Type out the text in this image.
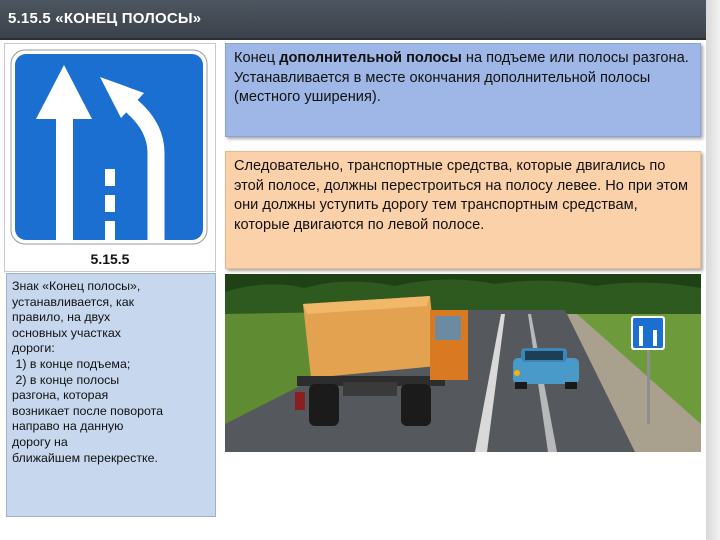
5.15.5 «КОНЕЦ ПОЛОСЫ»
5.15.5
Конец дополнительной полосы на подъеме или полосы разгона.
Устанавливается в месте окончания дополнительной полосы (местного уширения).
Следовательно, транспортные средства, которые двигались по этой полосе, должны перестроиться на полосу левее. Но при этом они должны уступить дорогу тем транспортным средствам, которые двигаются по левой полосе.
Знак «Конец полосы»,
устанавливается, как
правило, на двух
основных участках
дороги:
1) в конце подъема;
2) в конце полосы
разгона, которая
возникает после поворота
направо на данную
дорогу на
ближайшем перекрестке.
